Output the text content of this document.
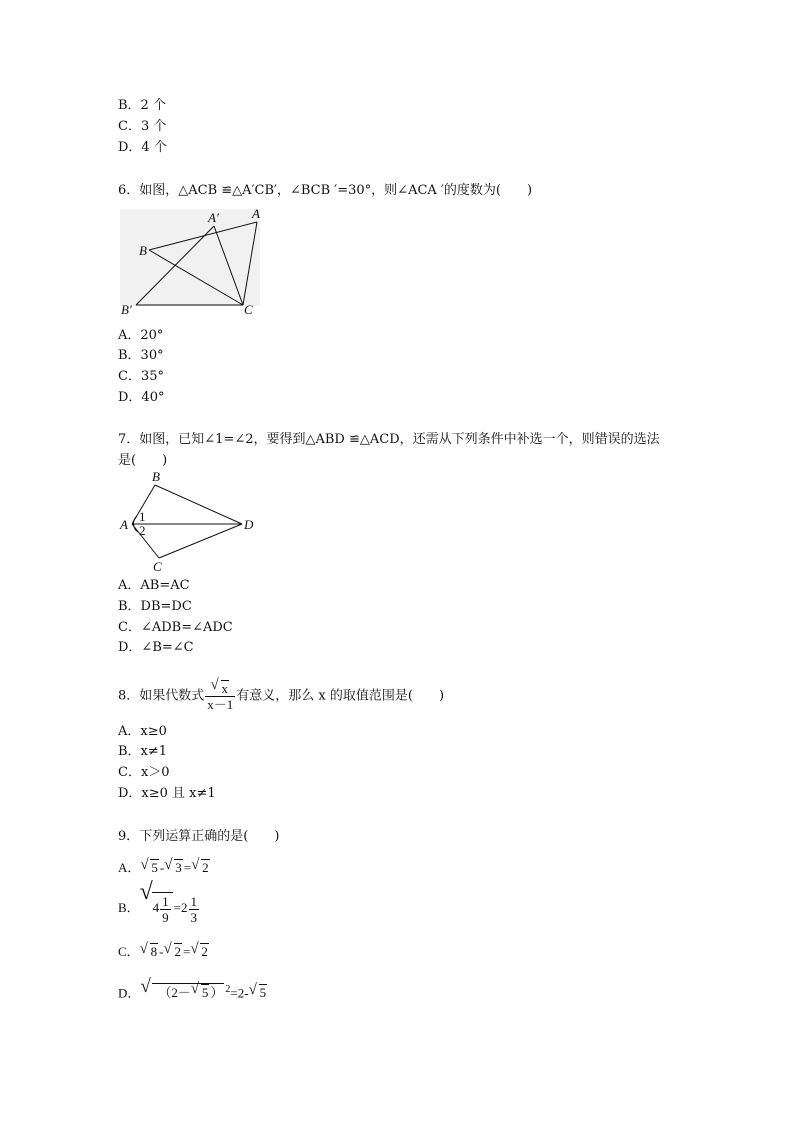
B．2 个
C．3 个
D．4 个
6．如图，△ACB ≌△A′CB′，∠BCB ′=30°，则∠ACA ′的度数为(　　)
A′	A
B
B′	C
A．20°
B．30°
C．35°
D．40°
7．如图，已知∠1=∠2，要得到△ABD ≌△ACD，还需从下列条件中补选一个，则错误的选法
是(　　)
B
A
1
2	D
C
A．AB=AC
B．DB=DC
C．∠ADB=∠ADC
D．∠B=∠C
8．如果代数式 $\frac{√ x}{x-1}$ 有意义，那么 x 的取值范围是(　　)
A．x≥0
B．x≠1
C．x＞0
D．x≥0 且 x≠1
9．下列运算正确的是(　　)
A． √ 5 - √ 3 = √ 2
B．
√
$4 \frac{1}{9} =2 \frac{1}{3}$
C． √ 8 - √ 2 = √ 2
D． √ （2－ √ 5 ） $^2$=2- √ 5
